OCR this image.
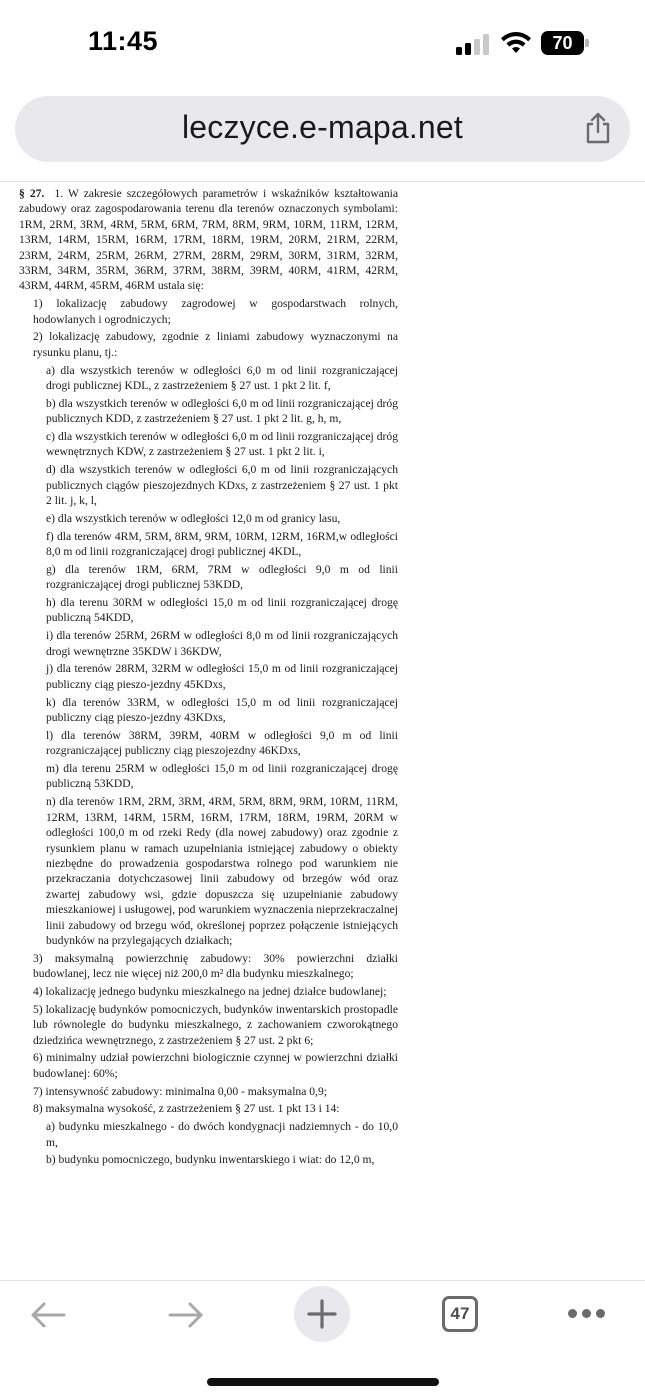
11:45	70
leczyce.e-mapa.net

§ 27. 1. W zakresie szczegółowych parametrów i wskaźników kształtowania zabudowy oraz zagospodarowania terenu dla terenów oznaczonych symbolami: 1RM, 2RM, 3RM, 4RM, 5RM, 6RM, 7RM, 8RM, 9RM, 10RM, 11RM, 12RM, 13RM, 14RM, 15RM, 16RM, 17RM, 18RM, 19RM, 20RM, 21RM, 22RM, 23RM, 24RM, 25RM, 26RM, 27RM, 28RM, 29RM, 30RM, 31RM, 32RM, 33RM, 34RM, 35RM, 36RM, 37RM, 38RM, 39RM, 40RM, 41RM, 42RM, 43RM, 44RM, 45RM, 46RM ustala się:

1) lokalizację zabudowy zagrodowej w gospodarstwach rolnych, hodowlanych i ogrodniczych;

2) lokalizację zabudowy, zgodnie z liniami zabudowy wyznaczonymi na rysunku planu, tj.:

a) dla wszystkich terenów w odległości 6,0 m od linii rozgraniczającej drogi publicznej KDL, z zastrzeżeniem § 27 ust. 1 pkt 2 lit. f,

b) dla wszystkich terenów w odległości 6,0 m od linii rozgraniczającej dróg publicznych KDD, z zastrzeżeniem § 27 ust. 1 pkt 2 lit. g, h, m,

c) dla wszystkich terenów w odległości 6,0 m od linii rozgraniczającej dróg wewnętrznych KDW, z zastrzeżeniem § 27 ust. 1 pkt 2 lit. i,

d) dla wszystkich terenów w odległości 6,0 m od linii rozgraniczających publicznych ciągów pieszojezdnych KDxs, z zastrzeżeniem § 27 ust. 1 pkt 2 lit. j, k, l,

e) dla wszystkich terenów w odległości 12,0 m od granicy lasu,

f) dla terenów 4RM, 5RM, 8RM, 9RM, 10RM, 12RM, 16RM,w odległości 8,0 m od linii rozgraniczającej drogi publicznej 4KDL,

g) dla terenów 1RM, 6RM, 7RM w odległości 9,0 m od linii rozgraniczającej drogi publicznej 53KDD,

h) dla terenu 30RM w odległości 15,0 m od linii rozgraniczającej drogę publiczną 54KDD,

i) dla terenów 25RM, 26RM w odległości 8,0 m od linii rozgraniczających drogi wewnętrzne 35KDW i 36KDW,

j) dla terenów 28RM, 32RM w odległości 15,0 m od linii rozgraniczającej publiczny ciąg pieszo-jezdny 45KDxs,

k) dla terenów 33RM, w odległości 15,0 m od linii rozgraniczającej publiczny ciąg pieszo-jezdny 43KDxs,

l) dla terenów 38RM, 39RM, 40RM w odległości 9,0 m od linii rozgraniczającej publiczny ciąg pieszojezdny 46KDxs,

m) dla terenu 25RM w odległości 15,0 m od linii rozgraniczającej drogę publiczną 53KDD,

n) dla terenów 1RM, 2RM, 3RM, 4RM, 5RM, 8RM, 9RM, 10RM, 11RM, 12RM, 13RM, 14RM, 15RM, 16RM, 17RM, 18RM, 19RM, 20RM w odległości 100,0 m od rzeki Redy (dla nowej zabudowy) oraz zgodnie z rysunkiem planu w ramach uzupełniania istniejącej zabudowy o obiekty niezbędne do prowadzenia gospodarstwa rolnego pod warunkiem nie przekraczania dotychczasowej linii zabudowy od brzegów wód oraz zwartej zabudowy wsi, gdzie dopuszcza się uzupełnianie zabudowy mieszkaniowej i usługowej, pod warunkiem wyznaczenia nieprzekraczalnej linii zabudowy od brzegu wód, określonej poprzez połączenie istniejących budynków na przylegających działkach;

3) maksymalną powierzchnię zabudowy: 30% powierzchni działki budowlanej, lecz nie więcej niż 200,0 m² dla budynku mieszkalnego;

4) lokalizację jednego budynku mieszkalnego na jednej działce budowlanej;

5) lokalizację budynków pomocniczych, budynków inwentarskich prostopadle lub równolegle do budynku mieszkalnego, z zachowaniem czworokątnego dziedzińca wewnętrznego, z zastrzeżeniem § 27 ust. 2 pkt 6;

6) minimalny udział powierzchni biologicznie czynnej w powierzchni działki budowlanej: 60%;

7) intensywność zabudowy: minimalna 0,00 - maksymalna 0,9;

8) maksymalna wysokość, z zastrzeżeniem § 27 ust. 1 pkt 13 i 14:

a) budynku mieszkalnego - do dwóch kondygnacji nadziemnych - do 10,0 m,

b) budynku pomocniczego, budynku inwentarskiego i wiat: do 12,0 m,

47
